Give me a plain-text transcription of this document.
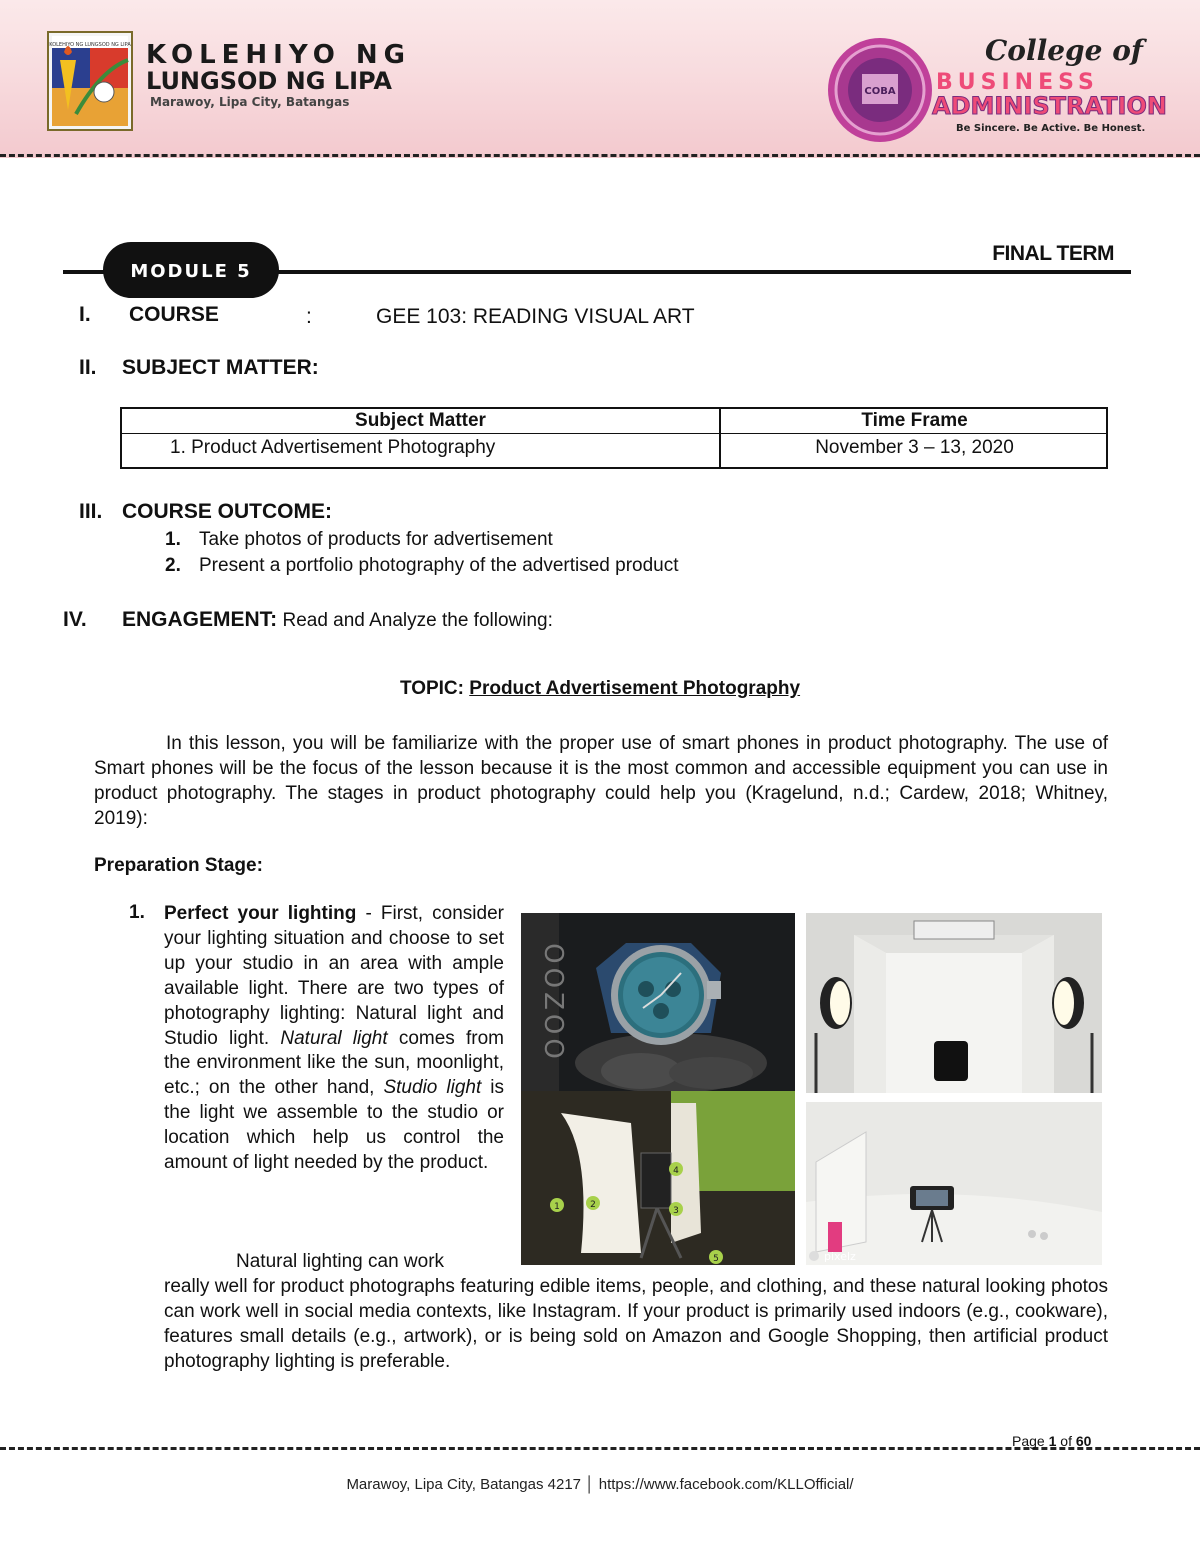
KOLEHIYO NG LUNGSOD NG LIPA KOLEHIYO NG
LUNGSOD NG LIPA
Marawoy, Lipa City, Batangas
COBA
College of
BUSINESS
ADMINISTRATION
Be Sincere. Be Active. Be Honest.
MODULE 5
FINAL TERM
I. COURSE	:	GEE 103: READING VISUAL ART
II. SUBJECT MATTER:
Subject Matter	Time Frame
1. Product Advertisement Photography	November 3 – 13, 2020
III. COURSE OUTCOME:
1. Take photos of products for advertisement
2. Present a portfolio photography of the advertised product
IV. ENGAGEMENT: Read and Analyze the following:
TOPIC: Product Advertisement Photography
In this lesson, you will be familiarize with the proper use of smart phones in product photography. The use of Smart phones will be the focus of the lesson because it is the most common and accessible equipment you can use in product photography. The stages in product photography could help you (Kragelund, n.d.; Cardew, 2018; Whitney, 2019):
Preparation Stage:
1. Perfect your lighting - First, consider your lighting situation and choose to set up your studio in an area with ample available light. There are two types of photography lighting: Natural light and Studio light. Natural light comes from the environment like the sun, moonlight, etc.; on the other hand, Studio light is the light we assemble to the studio or location which help us control the amount of light needed by the product.
Natural lighting can work
OOZOO
1	2
3
4
5	pixelz
really well for product photographs featuring edible items, people, and clothing, and these natural looking photos can work well in social media contexts, like Instagram. If your product is primarily used indoors (e.g., cookware), features small details (e.g., artwork), or is being sold on Amazon and Google Shopping, then artificial product photography lighting is preferable.
Page 1 of 60
Marawoy, Lipa City, Batangas 4217 │ https://www.facebook.com/KLLOfficial/
